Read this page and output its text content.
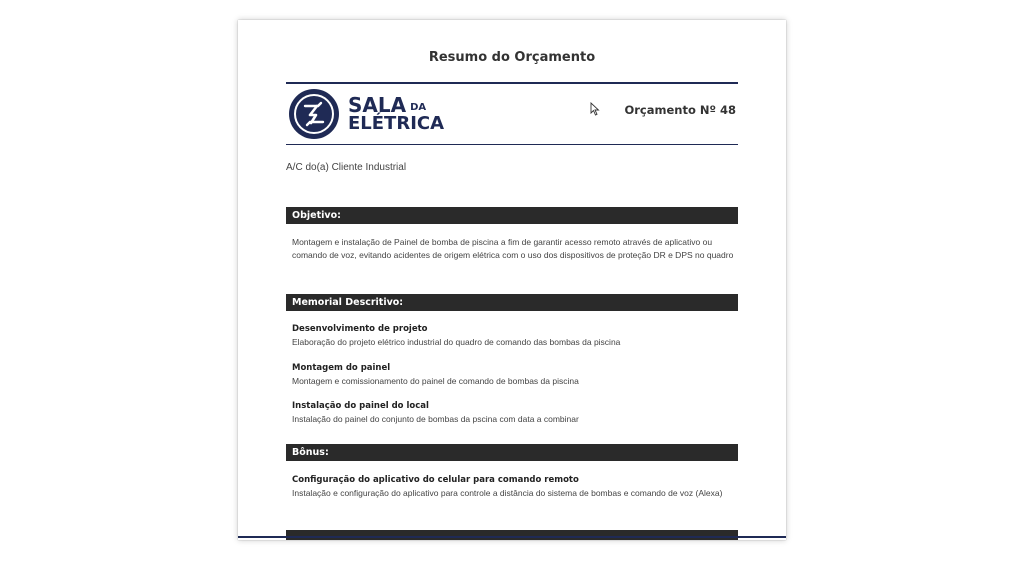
Resumo do Orçamento
SALA DA
ELÉTRICA
Orçamento Nº 48
A/C do(a) Cliente Industrial
Objetivo:
Montagem e instalação de Painel de bomba de piscina a fim de garantir acesso remoto através de aplicativo ou comando de voz, evitando acidentes de origem elétrica com o uso dos dispositivos de proteção DR e DPS no quadro
Memorial Descritivo:
Desenvolvimento de projeto
Elaboração do projeto elétrico industrial do quadro de comando das bombas da piscina
Montagem do painel
Montagem e comissionamento do painel de comando de bombas da piscina
Instalação do painel do local
Instalação do painel do conjunto de bombas da pscina com data a combinar
Bônus:
Configuração do aplicativo do celular para comando remoto
Instalação e configuração do aplicativo para controle a distância do sistema de bombas e comando de voz (Alexa)
